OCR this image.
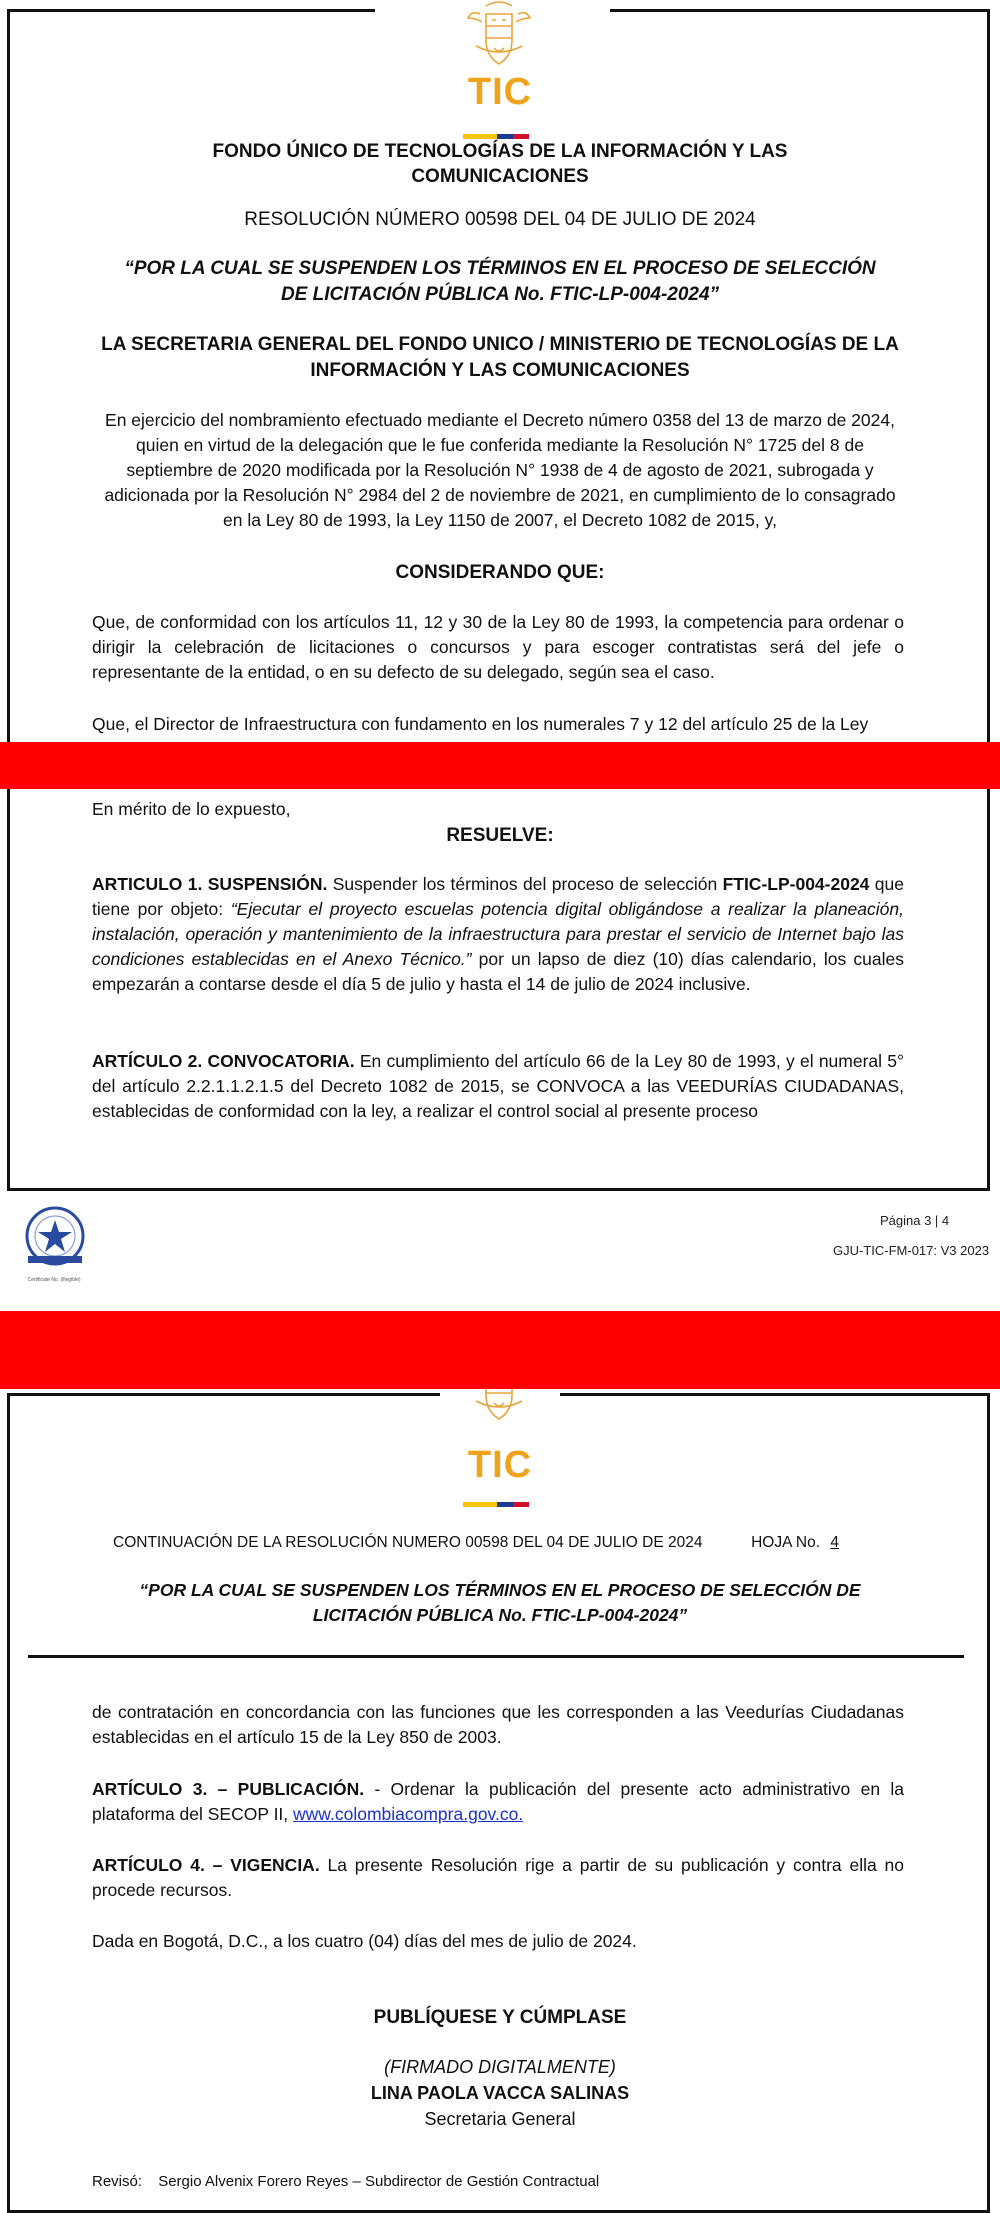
TIC
FONDO ÚNICO DE TECNOLOGÍAS DE LA INFORMACIÓN Y LAS COMUNICACIONES
RESOLUCIÓN NÚMERO 00598 DEL 04 DE JULIO DE 2024
“POR LA CUAL SE SUSPENDEN LOS TÉRMINOS EN EL PROCESO DE SELECCIÓN DE LICITACIÓN PÚBLICA No. FTIC-LP-004-2024”
LA SECRETARIA GENERAL DEL FONDO UNICO / MINISTERIO DE TECNOLOGÍAS DE LA INFORMACIÓN Y LAS COMUNICACIONES
En ejercicio del nombramiento efectuado mediante el Decreto número 0358 del 13 de marzo de 2024, quien en virtud de la delegación que le fue conferida mediante la Resolución N° 1725 del 8 de septiembre de 2020 modificada por la Resolución N° 1938 de 4 de agosto de 2021, subrogada y adicionada por la Resolución N° 2984 del 2 de noviembre de 2021, en cumplimiento de lo consagrado en la Ley 80 de 1993, la Ley 1150 de 2007, el Decreto 1082 de 2015, y,
CONSIDERANDO QUE:
Que, de conformidad con los artículos 11, 12 y 30 de la Ley 80 de 1993, la competencia para ordenar o dirigir la celebración de licitaciones o concursos y para escoger contratistas será del jefe o representante de la entidad, o en su defecto de su delegado, según sea el caso.
Que, el Director de Infraestructura con fundamento en los numerales 7 y 12 del artículo 25 de la Ley
En mérito de lo expuesto,
RESUELVE:
ARTICULO 1. SUSPENSIÓN. Suspender los términos del proceso de selección FTIC-LP-004-2024 que tiene por objeto: “Ejecutar el proyecto escuelas potencia digital obligándose a realizar la planeación, instalación, operación y mantenimiento de la infraestructura para prestar el servicio de Internet bajo las condiciones establecidas en el Anexo Técnico.” por un lapso de diez (10) días calendario, los cuales empezarán a contarse desde el día 5 de julio y hasta el 14 de julio de 2024 inclusive.
ARTÍCULO 2. CONVOCATORIA. En cumplimiento del artículo 66 de la Ley 80 de 1993, y el numeral 5° del artículo 2.2.1.1.2.1.5 del Decreto 1082 de 2015, se CONVOCA a las VEEDURÍAS CIUDADANAS, establecidas de conformidad con la ley, a realizar el control social al presente proceso
Certificate No. (illegible)
Página 3 | 4
GJU-TIC-FM-017: V3 2023
TIC
CONTINUACIÓN DE LA RESOLUCIÓN NUMERO 00598 DEL 04 DE JULIO DE 2024	HOJA No. 4
“POR LA CUAL SE SUSPENDEN LOS TÉRMINOS EN EL PROCESO DE SELECCIÓN DE LICITACIÓN PÚBLICA No. FTIC-LP-004-2024”
de contratación en concordancia con las funciones que les corresponden a las Veedurías Ciudadanas establecidas en el artículo 15 de la Ley 850 de 2003.
ARTÍCULO 3. – PUBLICACIÓN. - Ordenar la publicación del presente acto administrativo en la plataforma del SECOP II, www.colombiacompra.gov.co.
ARTÍCULO 4. – VIGENCIA. La presente Resolución rige a partir de su publicación y contra ella no procede recursos.
Dada en Bogotá, D.C., a los cuatro (04) días del mes de julio de 2024.
PUBLÍQUESE Y CÚMPLASE
(FIRMADO DIGITALMENTE)
LINA PAOLA VACCA SALINAS
Secretaria General
Revisó: Sergio Alvenix Forero Reyes – Subdirector de Gestión Contractual
